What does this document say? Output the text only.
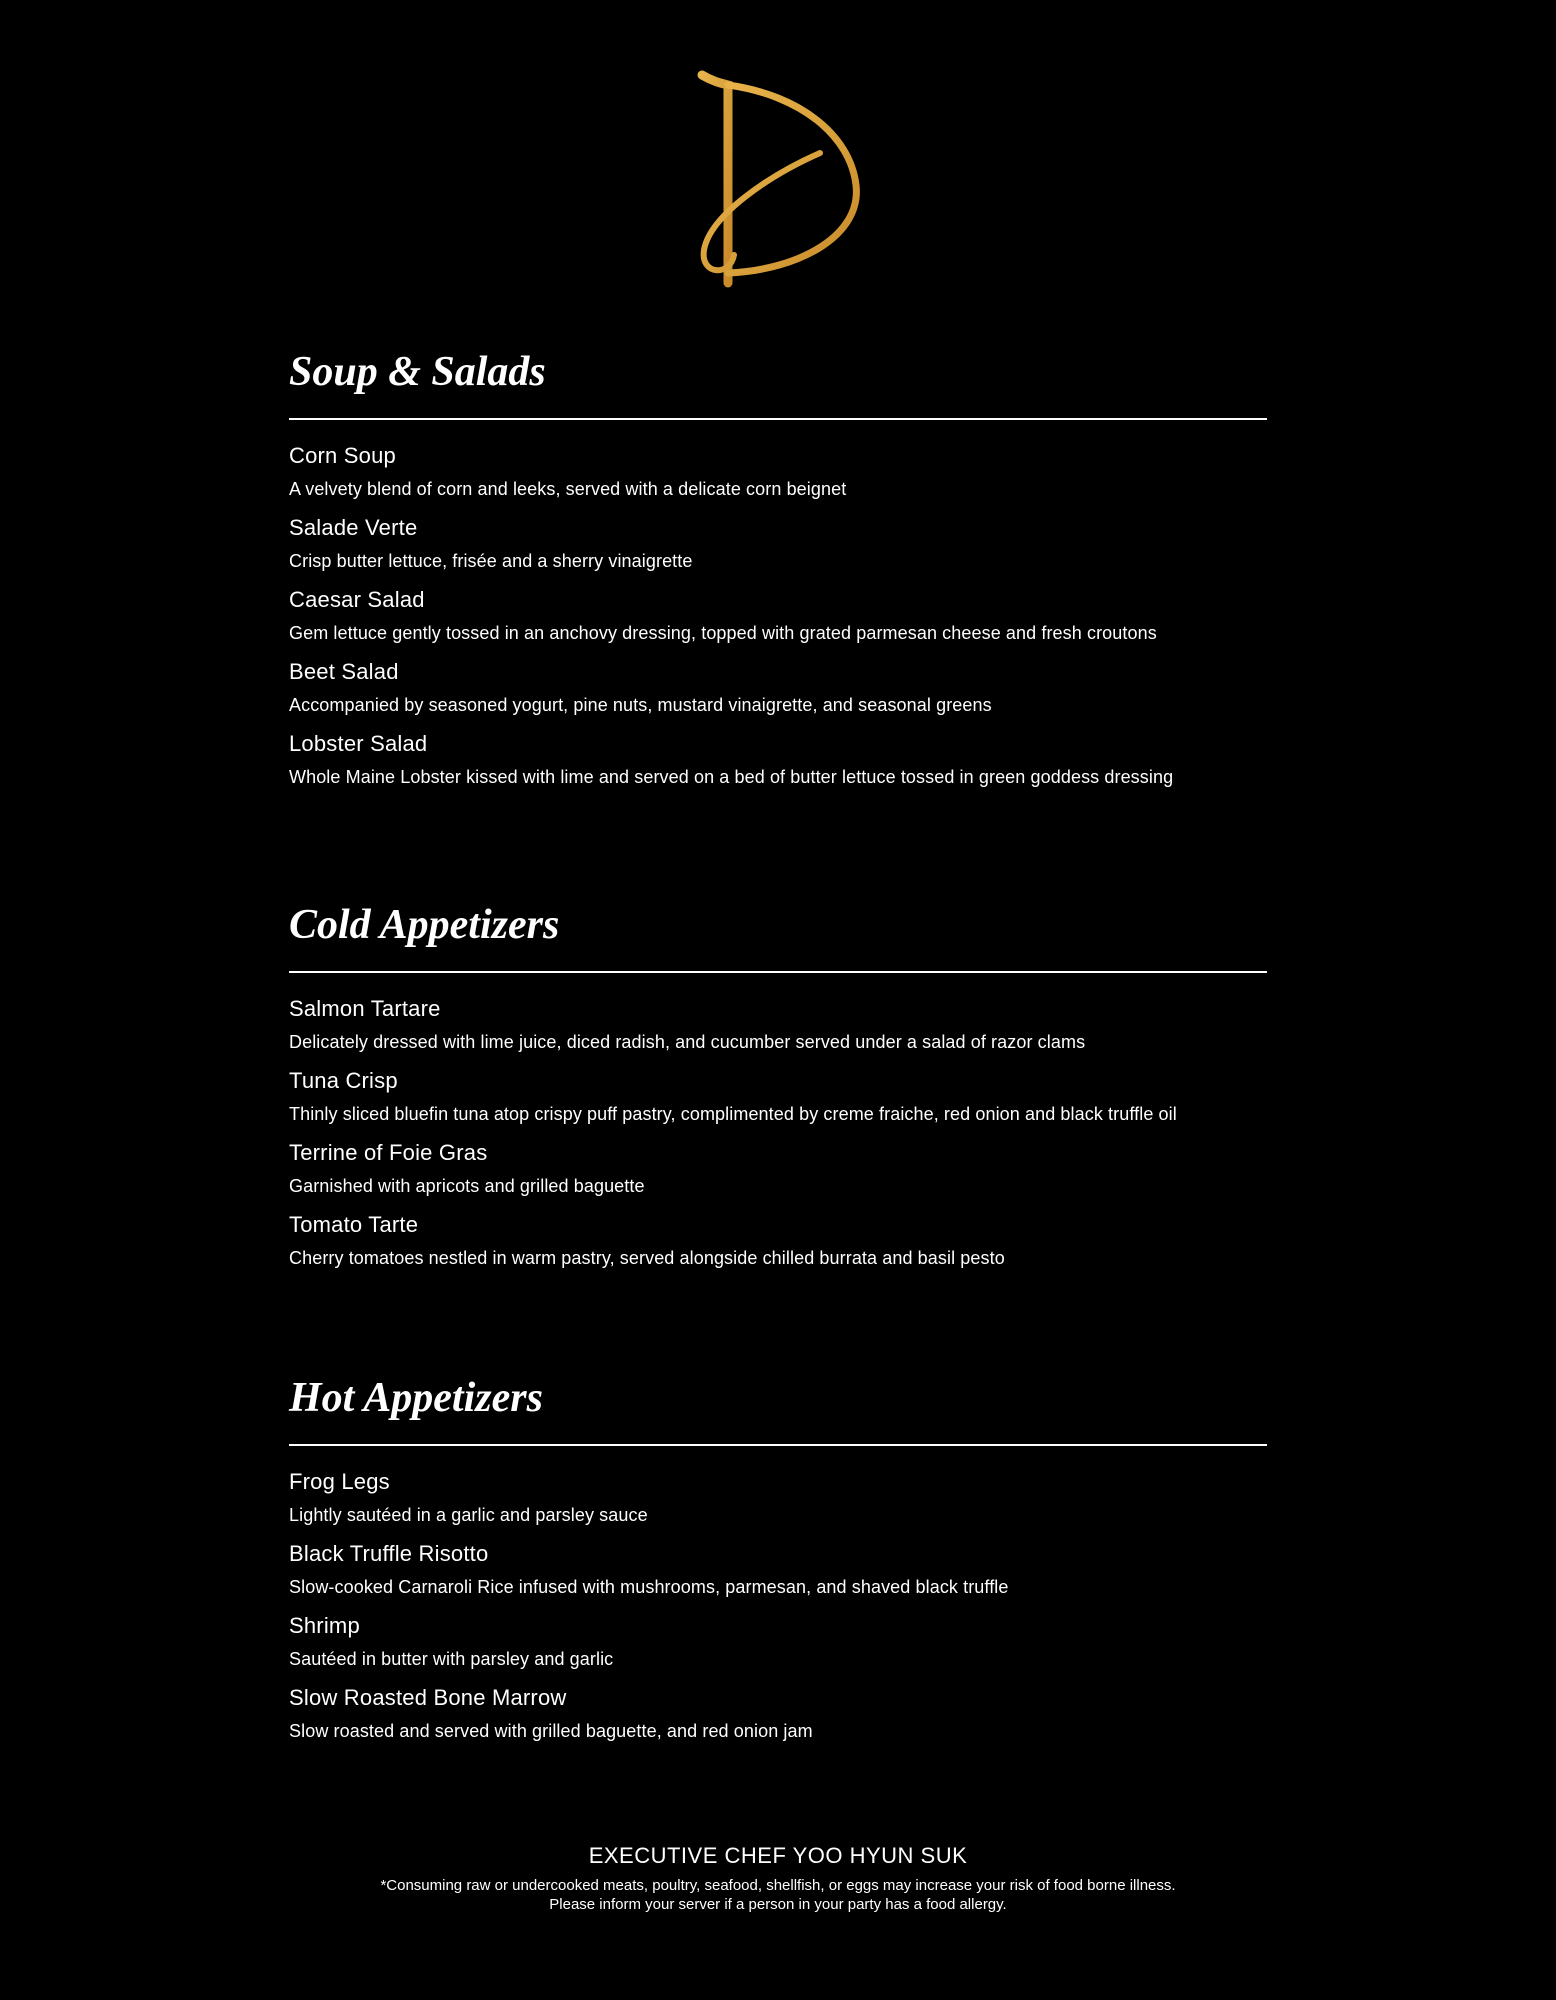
Soup & Salads
Corn Soup
A velvety blend of corn and leeks, served with a delicate corn beignet
Salade Verte
Crisp butter lettuce, frisée and a sherry vinaigrette
Caesar Salad
Gem lettuce gently tossed in an anchovy dressing, topped with grated parmesan cheese and fresh croutons
Beet Salad
Accompanied by seasoned yogurt, pine nuts, mustard vinaigrette, and seasonal greens
Lobster Salad
Whole Maine Lobster kissed with lime and served on a bed of butter lettuce tossed in green goddess dressing
Cold Appetizers
Salmon Tartare
Delicately dressed with lime juice, diced radish, and cucumber served under a salad of razor clams
Tuna Crisp
Thinly sliced bluefin tuna atop crispy puff pastry, complimented by creme fraiche, red onion and black truffle oil
Terrine of Foie Gras
Garnished with apricots and grilled baguette
Tomato Tarte
Cherry tomatoes nestled in warm pastry, served alongside chilled burrata and basil pesto
Hot Appetizers
Frog Legs
Lightly sautéed in a garlic and parsley sauce
Black Truffle Risotto
Slow-cooked Carnaroli Rice infused with mushrooms, parmesan, and shaved black truffle
Shrimp
Sautéed in butter with parsley and garlic
Slow Roasted Bone Marrow
Slow roasted and served with grilled baguette, and red onion jam
EXECUTIVE CHEF YOO HYUN SUK
*Consuming raw or undercooked meats, poultry, seafood, shellfish, or eggs may increase your risk of food borne illness.
Please inform your server if a person in your party has a food allergy.
